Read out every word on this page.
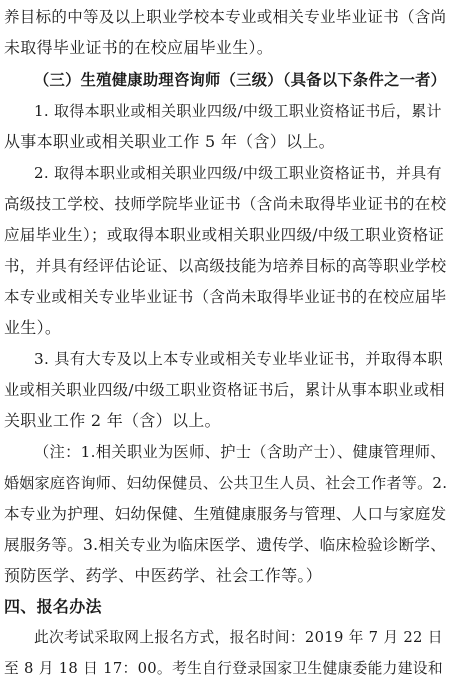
养目标的中等及以上职业学校本专业或相关专业毕业证书（含尚
未取得毕业证书的在校应届毕业生）。
（三）生殖健康助理咨询师（三级）（具备以下条件之一者）
1. 取得本职业或相关职业四级/中级工职业资格证书后，累计
从事本职业或相关职业工作 5 年（含）以上。
2. 取得本职业或相关职业四级/中级工职业资格证书，并具有
高级技工学校、技师学院毕业证书（含尚未取得毕业证书的在校
应届毕业生）；或取得本职业或相关职业四级/中级工职业资格证
书，并具有经评估论证、以高级技能为培养目标的高等职业学校
本专业或相关专业毕业证书（含尚未取得毕业证书的在校应届毕
业生）。
3. 具有大专及以上本专业或相关专业毕业证书，并取得本职
业或相关职业四级/中级工职业资格证书后，累计从事本职业或相
关职业工作 2 年（含）以上。
（注：1.相关职业为医师、护士（含助产士）、健康管理师、
婚姻家庭咨询师、妇幼保健员、公共卫生人员、社会工作者等。2.
本专业为护理、妇幼保健、生殖健康服务与管理、人口与家庭发
展服务等。3.相关专业为临床医学、遗传学、临床检验诊断学、
预防医学、药学、中医药学、社会工作等。）
四、报名办法
此次考试采取网上报名方式，报名时间：2019 年 7 月 22 日
至 8 月 18 日 17：00。考生自行登录国家卫生健康委能力建设和
